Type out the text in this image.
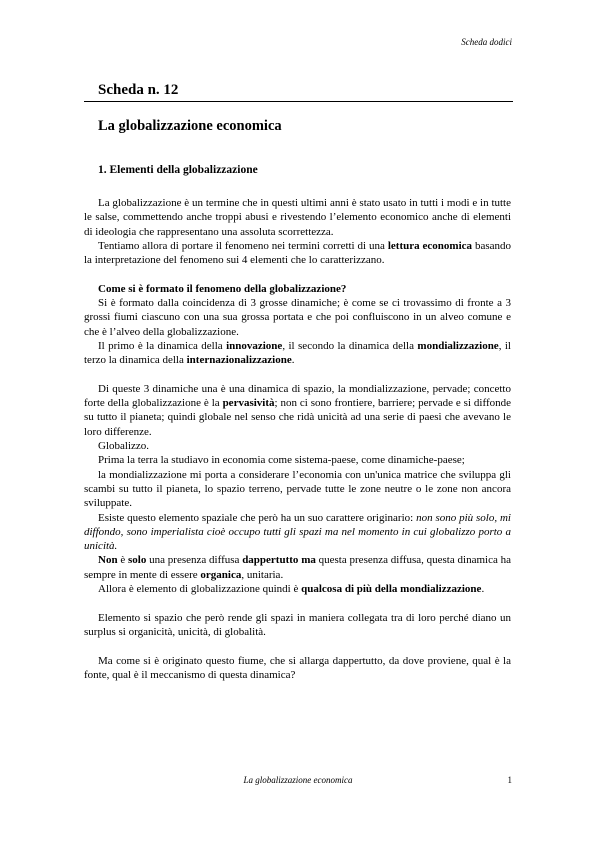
Scheda dodici
Scheda n. 12
La globalizzazione economica
1. Elementi della globalizzazione

La globalizzazione è un termine che in questi ultimi anni è stato usato in tutti i modi e in tutte le salse, commettendo anche troppi abusi e rivestendo l’elemento economico anche di elementi di ideologia che rappresentano una assoluta scorrettezza.

Tentiamo allora di portare il fenomeno nei termini corretti di una lettura economica basando la interpretazione del fenomeno sui 4 elementi che lo caratterizzano.

Come si è formato il fenomeno della globalizzazione?

Si è formato dalla coincidenza di 3 grosse dinamiche; è come se ci trovassimo di fronte a 3 grossi fiumi ciascuno con una sua grossa portata e che poi confluiscono in un alveo comune e che è l’alveo della globalizzazione.

Il primo è la dinamica della innovazione, il secondo la dinamica della mondializzazione, il terzo la dinamica della internazionalizzazione.

Di queste 3 dinamiche una è una dinamica di spazio, la mondializzazione, pervade; concetto forte della globalizzazione è la pervasività; non ci sono frontiere, barriere; pervade e si diffonde su tutto il pianeta; quindi globale nel senso che ridà unicità ad una serie di paesi che avevano le loro differenze.

Globalizzo.

Prima la terra la studiavo in economia come sistema-paese, come dinamiche-paese;

la mondializzazione mi porta a considerare l’economia con un'unica matrice che sviluppa gli scambi su tutto il pianeta, lo spazio terreno, pervade tutte le zone neutre o le zone non ancora sviluppate.

Esiste questo elemento spaziale che però ha un suo carattere originario: non sono più solo, mi diffondo, sono imperialista cioè occupo tutti gli spazi ma nel momento in cui globalizzo porto a unicità.

Non è solo una presenza diffusa dappertutto ma questa presenza diffusa, questa dinamica ha sempre in mente di essere organica, unitaria.

Allora è elemento di globalizzazione quindi è qualcosa di più della mondializzazione.

Elemento si spazio che però rende gli spazi in maniera collegata tra di loro perché diano un surplus si organicità, unicità, di globalità.

Ma come si è originato questo fiume, che si allarga dappertutto, da dove proviene, qual è la fonte, qual è il meccanismo di questa dinamica?

La globalizzazione economica	1
